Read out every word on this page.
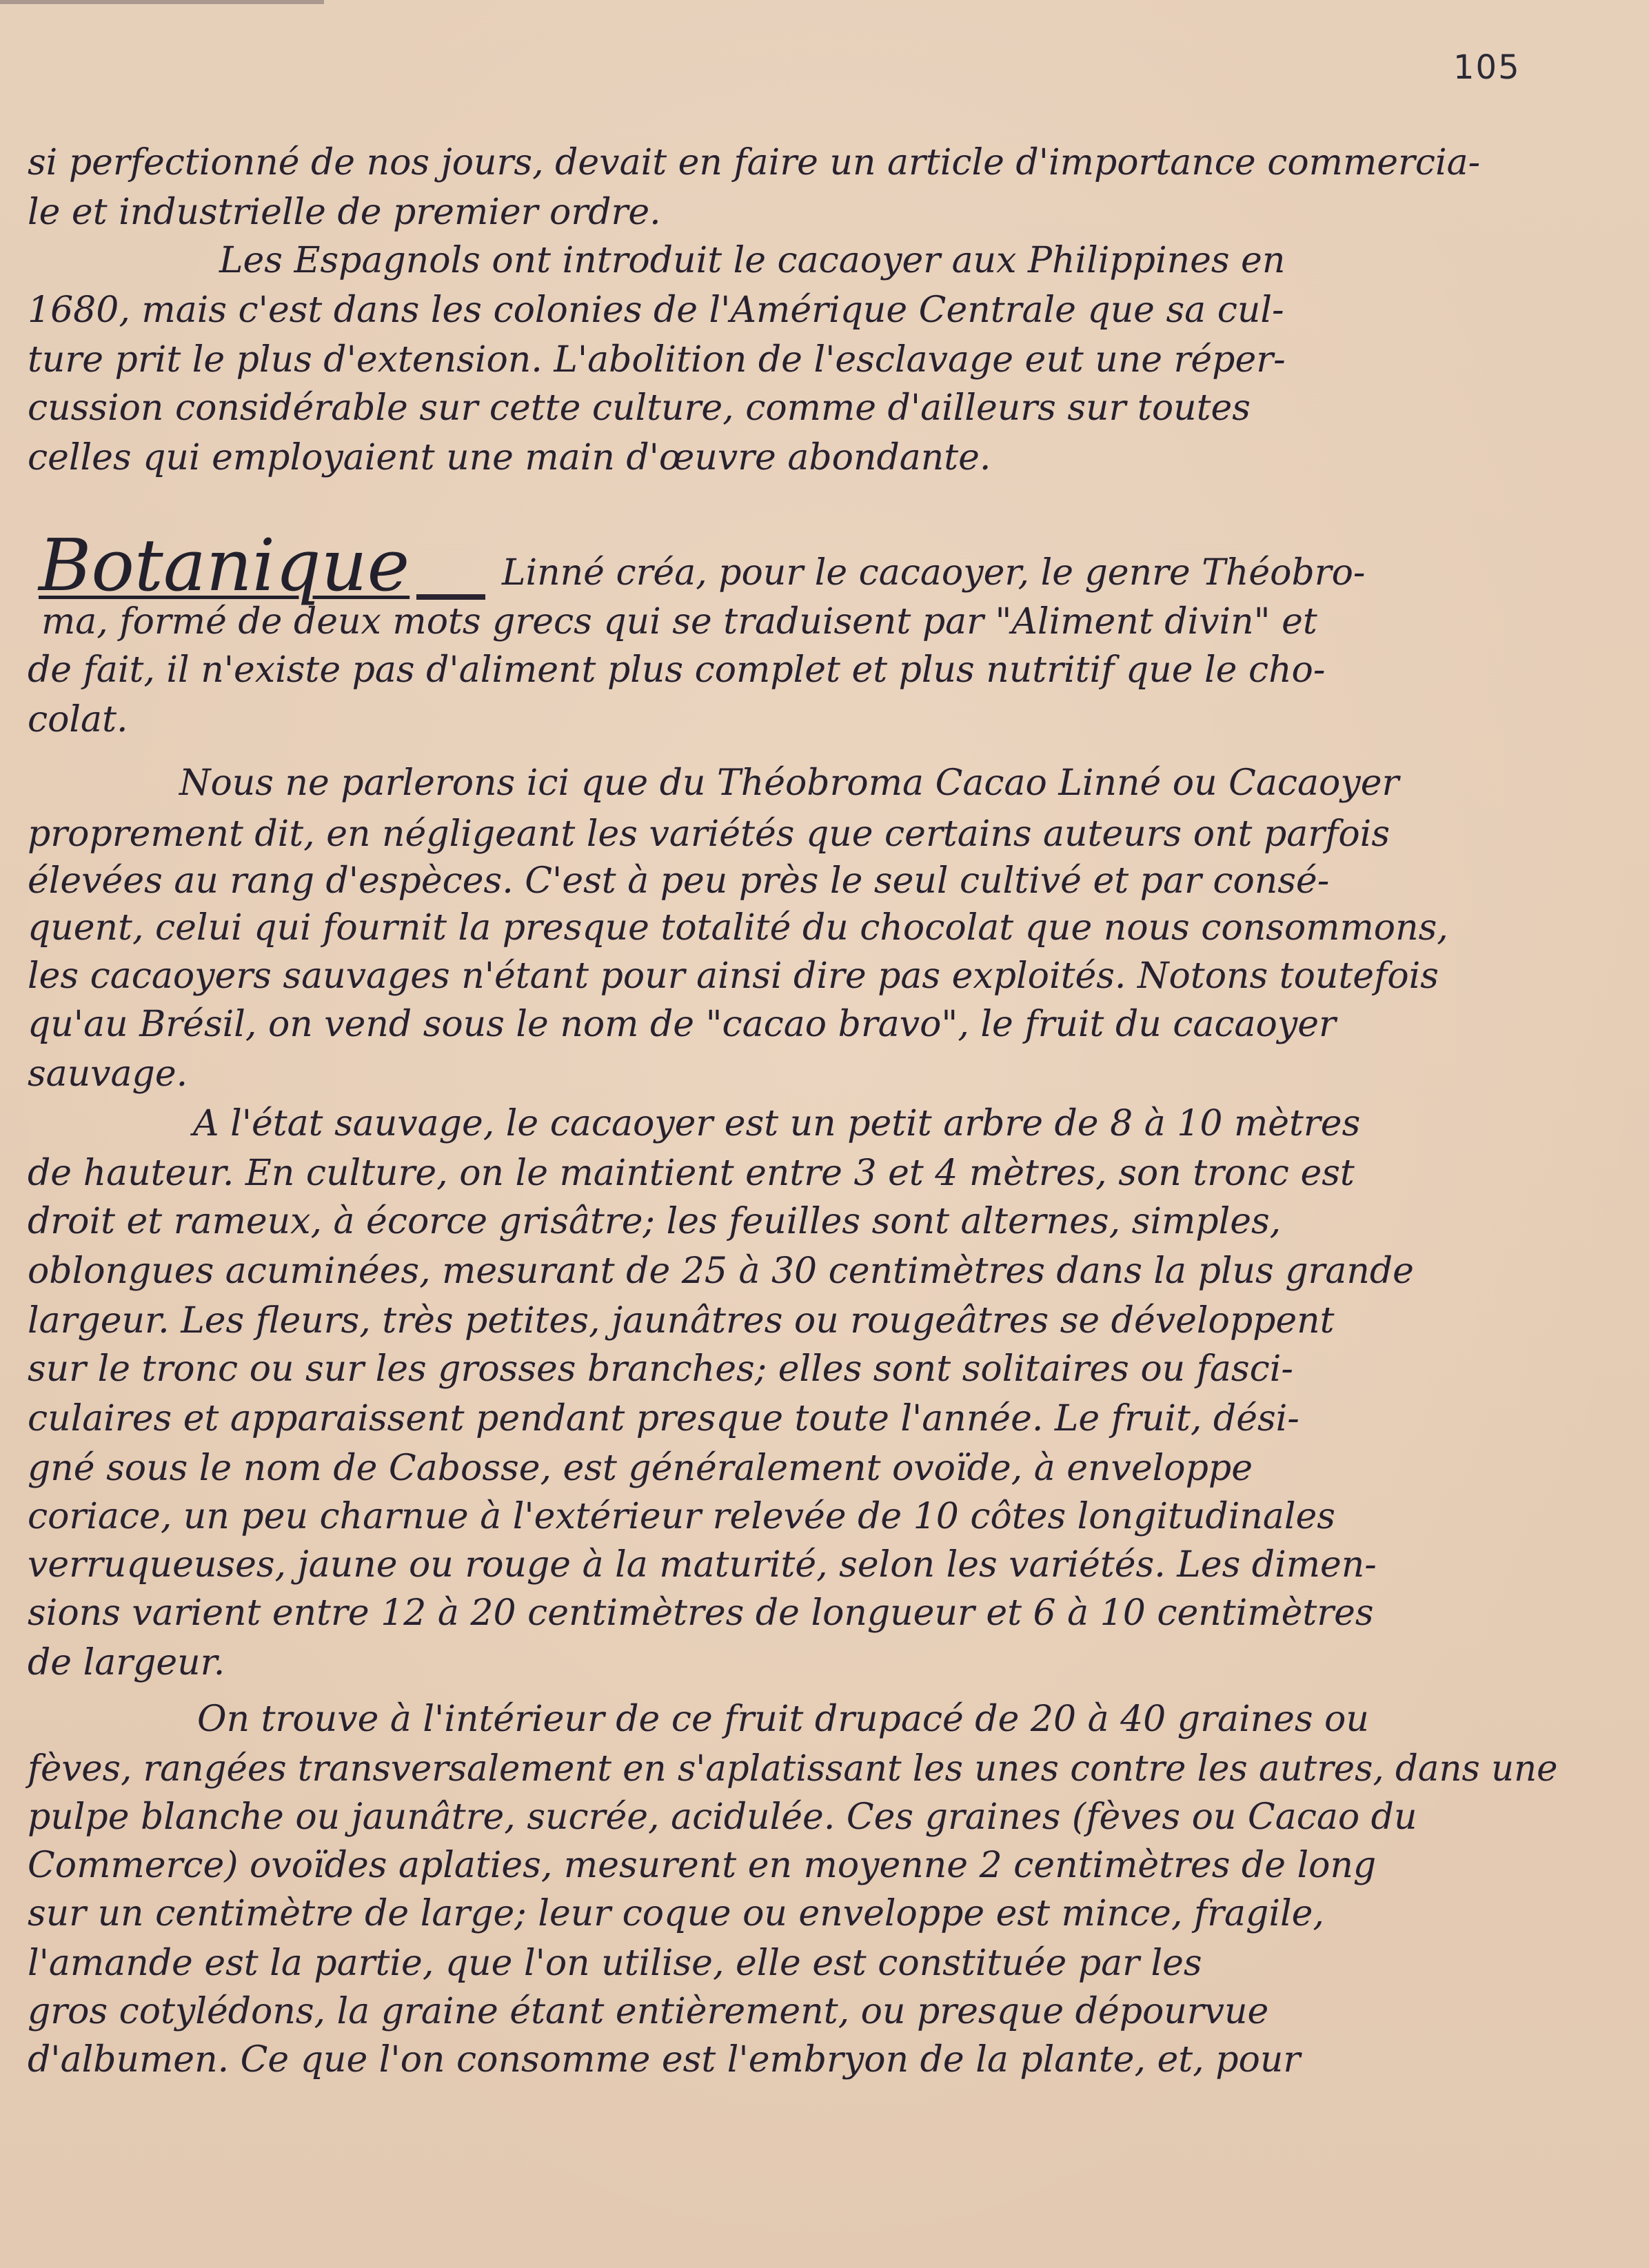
105
si perfectionné de nos jours, devait en faire un article d'importance commercia-
le et industrielle de premier ordre.
Les Espagnols ont introduit le cacaoyer aux Philippines en
1680, mais c'est dans les colonies de l'Amérique Centrale que sa cul-
ture prit le plus d'extension. L'abolition de l'esclavage eut une réper-
cussion considérable sur cette culture, comme d'ailleurs sur toutes
celles qui employaient une main d'œuvre abondante.
Botanique	Linné créa, pour le cacaoyer, le genre Théobro-
ma, formé de deux mots grecs qui se traduisent par "Aliment divin" et
de fait, il n'existe pas d'aliment plus complet et plus nutritif que le cho-
colat.
Nous ne parlerons ici que du Théobroma Cacao Linné ou Cacaoyer
proprement dit, en négligeant les variétés que certains auteurs ont parfois
élevées au rang d'espèces. C'est à peu près le seul cultivé et par consé-
quent, celui qui fournit la presque totalité du chocolat que nous consommons,
les cacaoyers sauvages n'étant pour ainsi dire pas exploités. Notons toutefois
qu'au Brésil, on vend sous le nom de "cacao bravo", le fruit du cacaoyer
sauvage.
A l'état sauvage, le cacaoyer est un petit arbre de 8 à 10 mètres
de hauteur. En culture, on le maintient entre 3 et 4 mètres, son tronc est
droit et rameux, à écorce grisâtre; les feuilles sont alternes, simples,
oblongues acuminées, mesurant de 25 à 30 centimètres dans la plus grande
largeur. Les fleurs, très petites, jaunâtres ou rougeâtres se développent
sur le tronc ou sur les grosses branches; elles sont solitaires ou fasci-
culaires et apparaissent pendant presque toute l'année. Le fruit, dési-
gné sous le nom de Cabosse, est généralement ovoïde, à enveloppe
coriace, un peu charnue à l'extérieur relevée de 10 côtes longitudinales
verruqueuses, jaune ou rouge à la maturité, selon les variétés. Les dimen-
sions varient entre 12 à 20 centimètres de longueur et 6 à 10 centimètres
de largeur.
On trouve à l'intérieur de ce fruit drupacé de 20 à 40 graines ou
fèves, rangées transversalement en s'aplatissant les unes contre les autres, dans une
pulpe blanche ou jaunâtre, sucrée, acidulée. Ces graines (fèves ou Cacao du
Commerce) ovoïdes aplaties, mesurent en moyenne 2 centimètres de long
sur un centimètre de large; leur coque ou enveloppe est mince, fragile,
l'amande est la partie, que l'on utilise, elle est constituée par les
gros cotylédons, la graine étant entièrement, ou presque dépourvue
d'albumen. Ce que l'on consomme est l'embryon de la plante, et, pour
